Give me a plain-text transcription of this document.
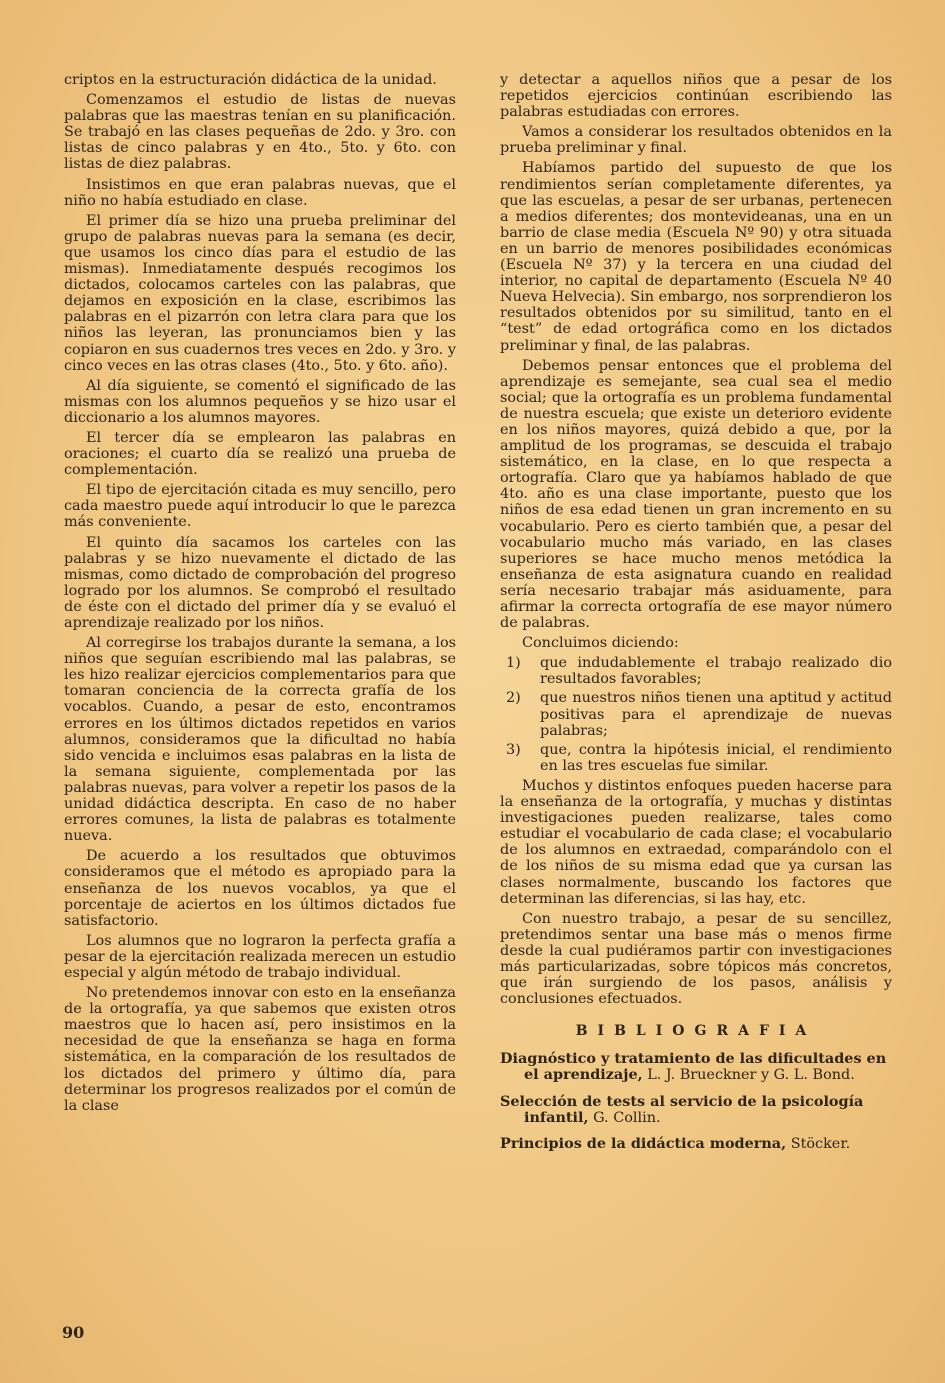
criptos en la estructuración didáctica de la unidad.

Comenzamos el estudio de listas de nuevas palabras que las maestras tenían en su planificación. Se trabajó en las clases pequeñas de 2do. y 3ro. con listas de cinco palabras y en 4to., 5to. y 6to. con listas de diez palabras.

Insistimos en que eran palabras nuevas, que el niño no había estudiado en clase.

El primer día se hizo una prueba preliminar del grupo de palabras nuevas para la semana (es decir, que usamos los cinco días para el estudio de las mismas). Inmediatamente después recogimos los dictados, colocamos carteles con las palabras, que dejamos en exposición en la clase, escribimos las palabras en el pizarrón con letra clara para que los niños las leyeran, las pronunciamos bien y las copiaron en sus cuadernos tres veces en 2do. y 3ro. y cinco veces en las otras clases (4to., 5to. y 6to. año).

Al día siguiente, se comentó el significado de las mismas con los alumnos pequeños y se hizo usar el diccionario a los alumnos mayores.

El tercer día se emplearon las palabras en oraciones; el cuarto día se realizó una prueba de complementación.

El tipo de ejercitación citada es muy sencillo, pero cada maestro puede aquí introducir lo que le parezca más conveniente.

El quinto día sacamos los carteles con las palabras y se hizo nuevamente el dictado de las mismas, como dictado de comprobación del progreso logrado por los alumnos. Se comprobó el resultado de éste con el dictado del primer día y se evaluó el aprendizaje realizado por los niños.

Al corregirse los trabajos durante la semana, a los niños que seguían escribiendo mal las palabras, se les hizo realizar ejercicios complementarios para que tomaran conciencia de la correcta grafía de los vocablos. Cuando, a pesar de esto, encontramos errores en los últimos dictados repetidos en varios alumnos, consideramos que la dificultad no había sido vencida e incluimos esas palabras en la lista de la semana siguiente, complementada por las palabras nuevas, para volver a repetir los pasos de la unidad didáctica descripta. En caso de no haber errores comunes, la lista de palabras es totalmente nueva.

De acuerdo a los resultados que obtuvimos consideramos que el método es apropiado para la enseñanza de los nuevos vocablos, ya que el porcentaje de aciertos en los últimos dictados fue satisfactorio.

Los alumnos que no lograron la perfecta grafía a pesar de la ejercitación realizada merecen un estudio especial y algún método de trabajo individual.

No pretendemos innovar con esto en la enseñanza de la ortografía, ya que sabemos que existen otros maestros que lo hacen así, pero insistimos en la necesidad de que la enseñanza se haga en forma sistemática, en la comparación de los resultados de los dictados del primero y último día, para determinar los progresos realizados por el común de la clase

y detectar a aquellos niños que a pesar de los repetidos ejercicios continúan escribiendo las palabras estudiadas con errores.

Vamos a considerar los resultados obtenidos en la prueba preliminar y final.

Habíamos partido del supuesto de que los rendimientos serían completamente diferentes, ya que las escuelas, a pesar de ser urbanas, pertenecen a medios diferentes; dos montevideanas, una en un barrio de clase media (Escuela Nº 90) y otra situada en un barrio de menores posibilidades económicas (Escuela Nº 37) y la tercera en una ciudad del interior, no capital de departamento (Escuela Nº 40 Nueva Helvecia). Sin embargo, nos sorprendieron los resultados obtenidos por su similitud, tanto en el “test” de edad ortográfica como en los dictados preliminar y final, de las palabras.

Debemos pensar entonces que el problema del aprendizaje es semejante, sea cual sea el medio social; que la ortografía es un problema fundamental de nuestra escuela; que existe un deterioro evidente en los niños mayores, quizá debido a que, por la amplitud de los programas, se descuida el trabajo sistemático, en la clase, en lo que respecta a ortografía. Claro que ya habíamos hablado de que 4to. año es una clase importante, puesto que los niños de esa edad tienen un gran incremento en su vocabulario. Pero es cierto también que, a pesar del vocabulario mucho más variado, en las clases superiores se hace mucho menos metódica la enseñanza de esta asignatura cuando en realidad sería necesario trabajar más asiduamente, para afirmar la correcta ortografía de ese mayor número de palabras.

Concluimos diciendo:

1) que indudablemente el trabajo realizado dio resultados favorables;
2) que nuestros niños tienen una aptitud y actitud positivas para el aprendizaje de nuevas palabras;
3) que, contra la hipótesis inicial, el rendimiento en las tres escuelas fue similar.

Muchos y distintos enfoques pueden hacerse para la enseñanza de la ortografía, y muchas y distintas investigaciones pueden realizarse, tales como estudiar el vocabulario de cada clase; el vocabulario de los alumnos en extraedad, comparándolo con el de los niños de su misma edad que ya cursan las clases normalmente, buscando los factores que determinan las diferencias, si las hay, etc.

Con nuestro trabajo, a pesar de su sencillez, pretendimos sentar una base más o menos firme desde la cual pudiéramos partir con investigaciones más particularizadas, sobre tópicos más concretos, que irán surgiendo de los pasos, análisis y conclusiones efectuados.

BIBLIOGRAFIA
Diagnóstico y tratamiento de las dificultades en el aprendizaje, L. J. Brueckner y G. L. Bond.
Selección de tests al servicio de la psicología infantil, G. Collin.
Principios de la didáctica moderna, Stöcker.
90
